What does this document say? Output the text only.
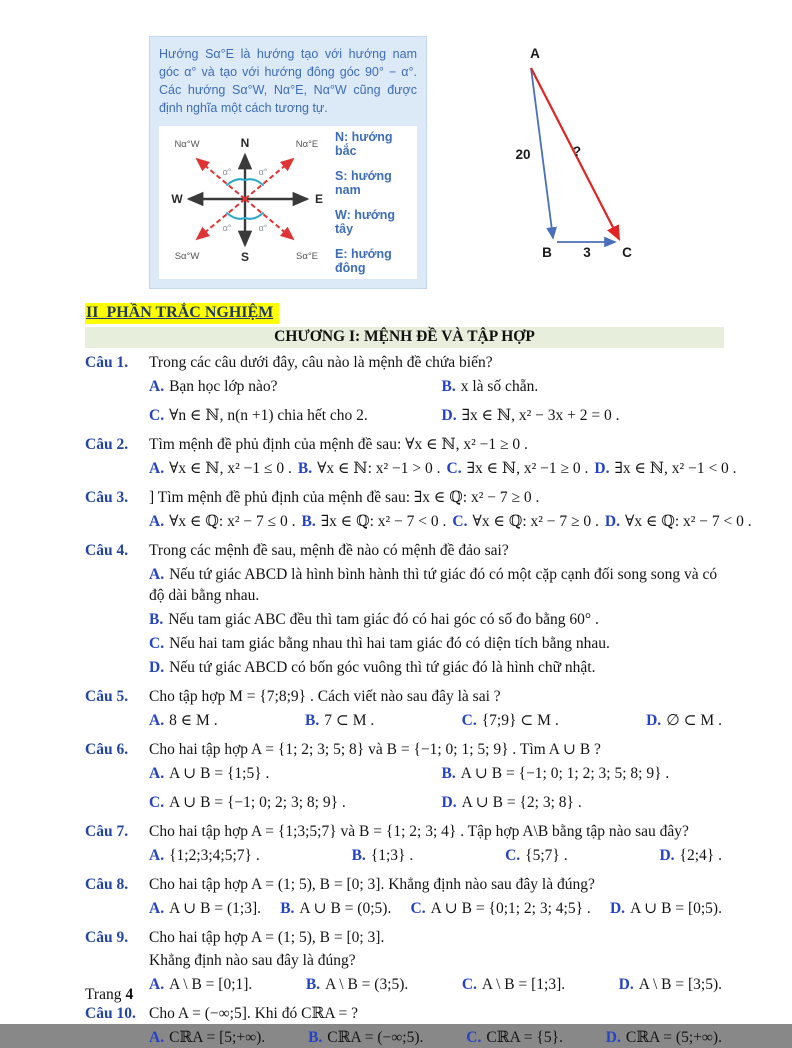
Hướng Sα°E là hướng tạo với hướng nam góc α° và tạo với hướng đông góc 90° − α°. Các hướng Sα°W, Nα°E, Nα°W cũng được định nghĩa một cách tương tự.
N
S
W	E
Nα°W	Nα°E
Sα°W	Sα°E
α°	α°
α°	α°
N: hướng bắc
S: hướng nam
W: hướng tây
E: hướng đông
A
20	?
B 3 C
II_PHẦN TRẮC NGHIỆM
CHƯƠNG I: MỆNH ĐỀ VÀ TẬP HỢP
Câu 1.	Trong các câu dưới đây, câu nào là mệnh đề chứa biến?
A. Bạn học lớp nào?	B. x là số chẵn.
C. ∀n ∈ ℕ, n(n +1) chia hết cho 2.	D. ∃x ∈ ℕ, x² − 3x + 2 = 0 .
Câu 2.	Tìm mệnh đề phủ định của mệnh đề sau: ∀x ∈ ℕ, x² −1 ≥ 0 .
A. ∀x ∈ ℕ, x² −1 ≤ 0 . B. ∀x ∈ ℕ: x² −1 > 0 . C. ∃x ∈ ℕ, x² −1 ≥ 0 . D. ∃x ∈ ℕ, x² −1 < 0 .
Câu 3.	] Tìm mệnh đề phủ định của mệnh đề sau: ∃x ∈ ℚ: x² − 7 ≥ 0 .
A. ∀x ∈ ℚ: x² − 7 ≤ 0 . B. ∃x ∈ ℚ: x² − 7 < 0 . C. ∀x ∈ ℚ: x² − 7 ≥ 0 . D. ∀x ∈ ℚ: x² − 7 < 0 .
Câu 4.	Trong các mệnh đề sau, mệnh đề nào có mệnh đề đảo sai?
A. Nếu tứ giác ABCD là hình bình hành thì tứ giác đó có một cặp cạnh đối song song và có độ dài bằng nhau.
B. Nếu tam giác ABC đều thì tam giác đó có hai góc có số đo bằng 60° .
C. Nếu hai tam giác bằng nhau thì hai tam giác đó có diện tích bằng nhau.
D. Nếu tứ giác ABCD có bốn góc vuông thì tứ giác đó là hình chữ nhật.
Câu 5.	Cho tập hợp M = {7;8;9} . Cách viết nào sau đây là sai ?
A. 8 ∈ M .	B. 7 ⊂ M .	C. {7;9} ⊂ M .	D. ∅ ⊂ M .
Câu 6.	Cho hai tập hợp A = {1; 2; 3; 5; 8} và B = {−1; 0; 1; 5; 9} . Tìm A ∪ B ?
A. A ∪ B = {1;5} .	B. A ∪ B = {−1; 0; 1; 2; 3; 5; 8; 9} .
C. A ∪ B = {−1; 0; 2; 3; 8; 9} .	D. A ∪ B = {2; 3; 8} .
Câu 7.	Cho hai tập hợp A = {1;3;5;7} và B = {1; 2; 3; 4} . Tập hợp A\B bằng tập nào sau đây?
A. {1;2;3;4;5;7} .	B. {1;3} .	C. {5;7} .	D. {2;4} .
Câu 8.	Cho hai tập hợp A = (1; 5), B = [0; 3]. Khẳng định nào sau đây là đúng?
A. A ∪ B = (1;3]. B. A ∪ B = (0;5). C. A ∪ B = {0;1; 2; 3; 4;5} . D. A ∪ B = [0;5).
Câu 9.	Cho hai tập hợp A = (1; 5), B = [0; 3].
Khẳng định nào sau đây là đúng?
A. A \ B = [0;1].	B. A \ B = (3;5).	C. A \ B = [1;3].	D. A \ B = [3;5).
Câu 10. Cho A = (−∞;5]. Khi đó CℝA = ?
A. CℝA = [5;+∞).	B. CℝA = (−∞;5).	C. CℝA = {5}.	D. CℝA = (5;+∞).
Trang 4
